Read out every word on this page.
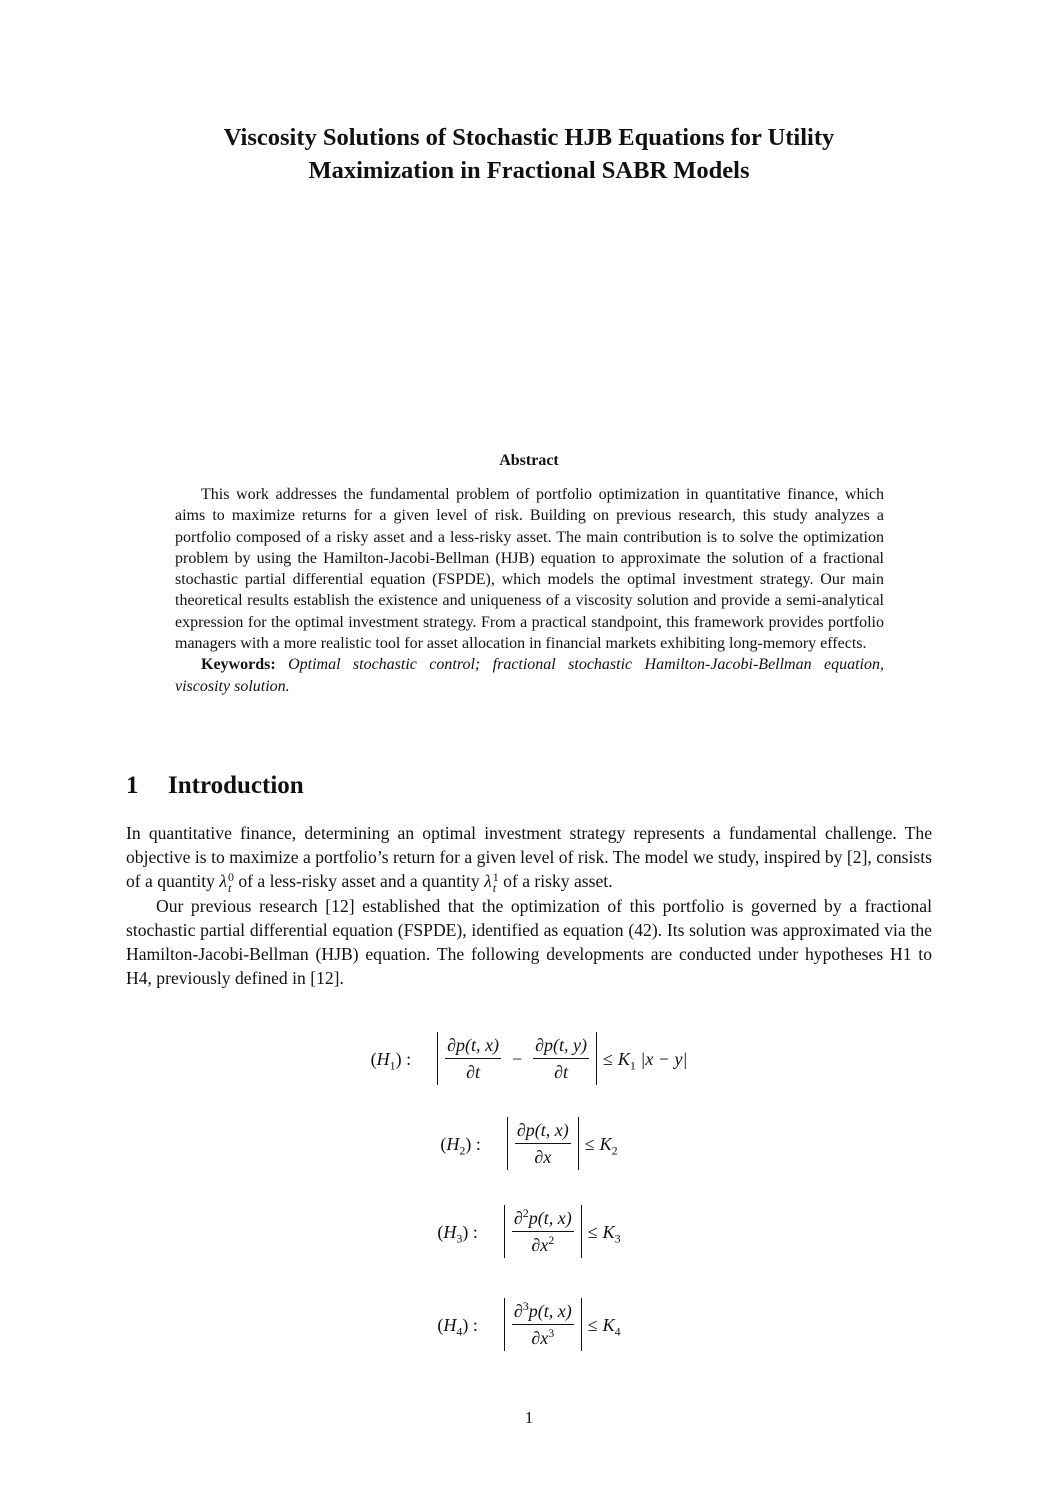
Viscosity Solutions of Stochastic HJB Equations for Utility
Maximization in Fractional SABR Models
Abstract

This work addresses the fundamental problem of portfolio optimization in quantitative finance, which aims to maximize returns for a given level of risk. Building on previous research, this study analyzes a portfolio composed of a risky asset and a less-risky asset. The main contribution is to solve the optimization problem by using the Hamilton-Jacobi-Bellman (HJB) equation to approximate the solution of a fractional stochastic partial differential equation (FSPDE), which models the optimal investment strategy. Our main theoretical results establish the existence and uniqueness of a viscosity solution and provide a semi-analytical expression for the optimal investment strategy. From a practical standpoint, this framework provides portfolio managers with a more realistic tool for asset allocation in financial markets exhibiting long-memory effects.

Keywords: Optimal stochastic control; fractional stochastic Hamilton-Jacobi-Bellman equation, viscosity solution.

1 Introduction

In quantitative finance, determining an optimal investment strategy represents a fundamental challenge. The objective is to maximize a portfolio’s return for a given level of risk. The model we study, inspired by [2], consists of a quantity λ 0
t of a less-risky asset and a quantity λ 1
t of a risky asset.

Our previous research [12] established that the optimization of this portfolio is governed by a fractional stochastic partial differential equation (FSPDE), identified as equation (42). Its solution was approximated via the Hamilton-Jacobi-Bellman (HJB) equation. The following developments are conducted under hypotheses H1 to H4, previously defined in [12].

$(H_1)$ : $\frac{\partial p(t, x)}{\partial t} - \frac{\partial p(t, y)}{\partial t} \le K_1$ |x − y|
$(H_2)$ : $\frac{\partial p(t, x)}{\partial x} \le K_2$
$(H_3)$ : $\frac{\partial^2p(t, x)}{\partial x^2} \le K_3$
$(H_4)$ : $\frac{\partial^3p(t, x)}{\partial x^3} \le K_4$
1
